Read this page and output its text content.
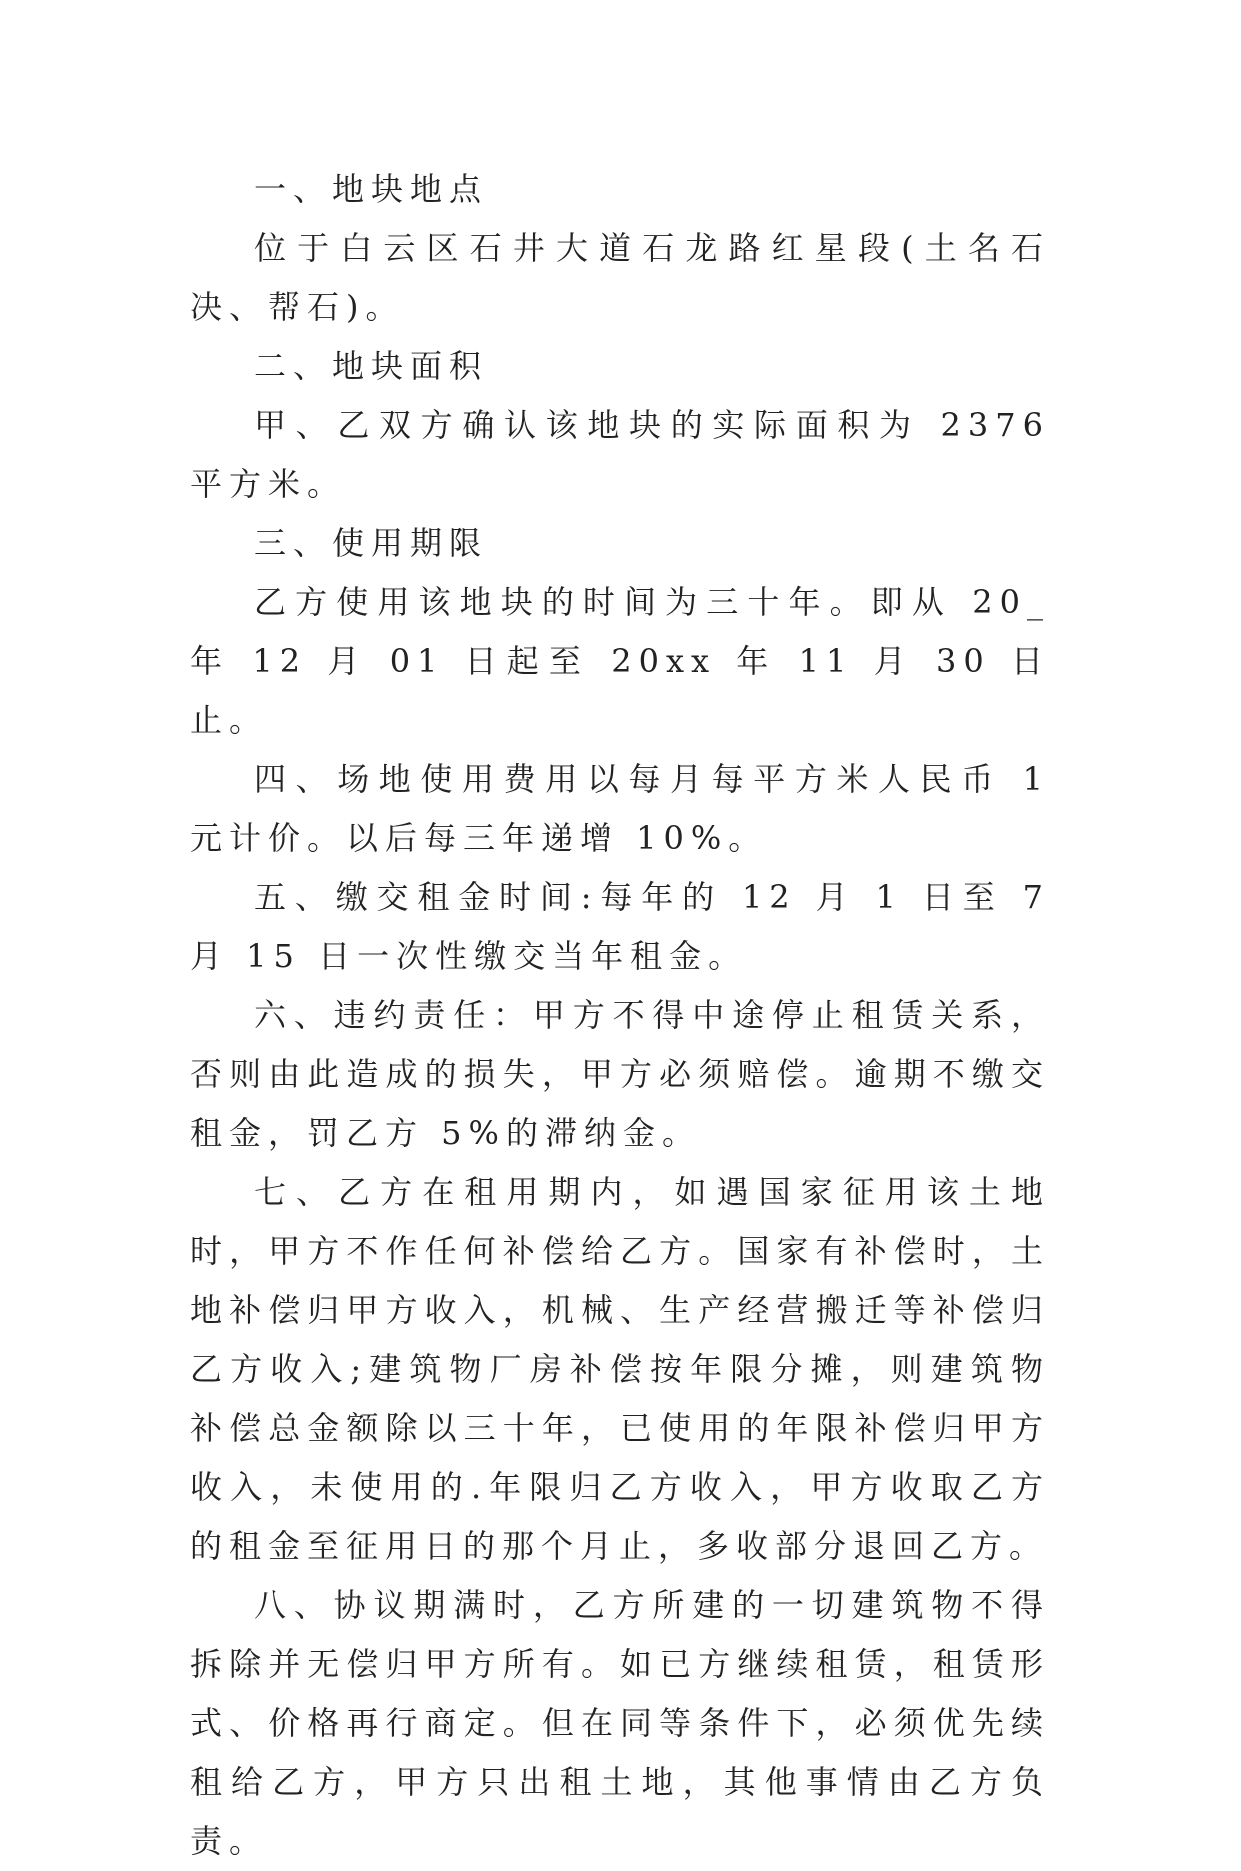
一、地块地点

位于白云区石井大道石龙路红星段(土名石决、帮石)。

二、地块面积

甲、乙双方确认该地块的实际面积为 2376 平方米。

三、使用期限

乙方使用该地块的时间为三十年。即从 20_年 12 月 01 日起至 20xx 年 11 月 30 日止。

四、场地使用费用以每月每平方米人民币 1 元计价。以后每三年递增 10%。

五、缴交租金时间:每年的 12 月 1 日至 7 月 15 日一次性缴交当年租金。

六、违约责任：甲方不得中途停止租赁关系，否则由此造成的损失，甲方必须赔偿。逾期不缴交租金，罚乙方 5%的滞纳金。

七、乙方在租用期内，如遇国家征用该土地时，甲方不作任何补偿给乙方。国家有补偿时，土地补偿归甲方收入，机械、生产经营搬迁等补偿归乙方收入;建筑物厂房补偿按年限分摊，则建筑物补偿总金额除以三十年，已使用的年限补偿归甲方收入，未使用的.年限归乙方收入，甲方收取乙方的租金至征用日的那个月止，多收部分退回乙方。

八、协议期满时，乙方所建的一切建筑物不得拆除并无偿归甲方所有。如已方继续租赁，租赁形式、价格再行商定。但在同等条件下，必须优先续租给乙方，甲方只出租土地，其他事情由乙方负责。
